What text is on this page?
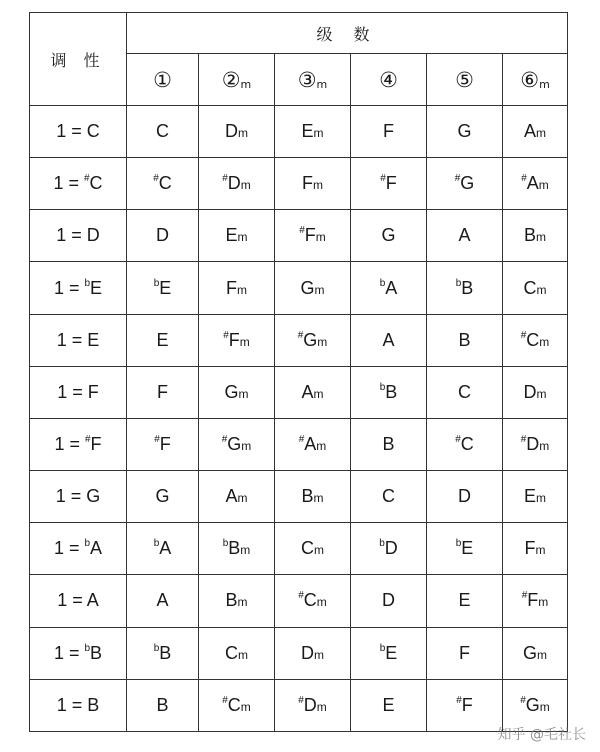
调 性	级 数					
	①	$②_m$	$③_m$	④	⑤	$⑥_m$
1 = C	C	Dm	Em	F	G	Am
1 = #C	#C	#Dm	Fm	#F	#G	#Am
1 = D	D	Em	#Fm	G	A	Bm
1 = $^b$E	$^b$E	Fm	Gm	$^b$A	$^b$B	Cm
1 = E	E	#Fm	#Gm	A	B	#Cm
1 = F	F	Gm	Am	$^b$B	C	Dm
1 = #F	#F	#Gm	#Am	B	#C	#Dm
1 = G	G	Am	Bm	C	D	Em
1 = $^b$A	$^b$A	$^b$Bm	Cm	$^b$D	$^b$E	Fm
1 = A	A	Bm	#Cm	D	E	#Fm
1 = $^b$B	$^b$B	Cm	Dm	$^b$E	F	Gm
1 = B	B	#Cm	#Dm	E	#F	#Gm
知乎 @毛社长
